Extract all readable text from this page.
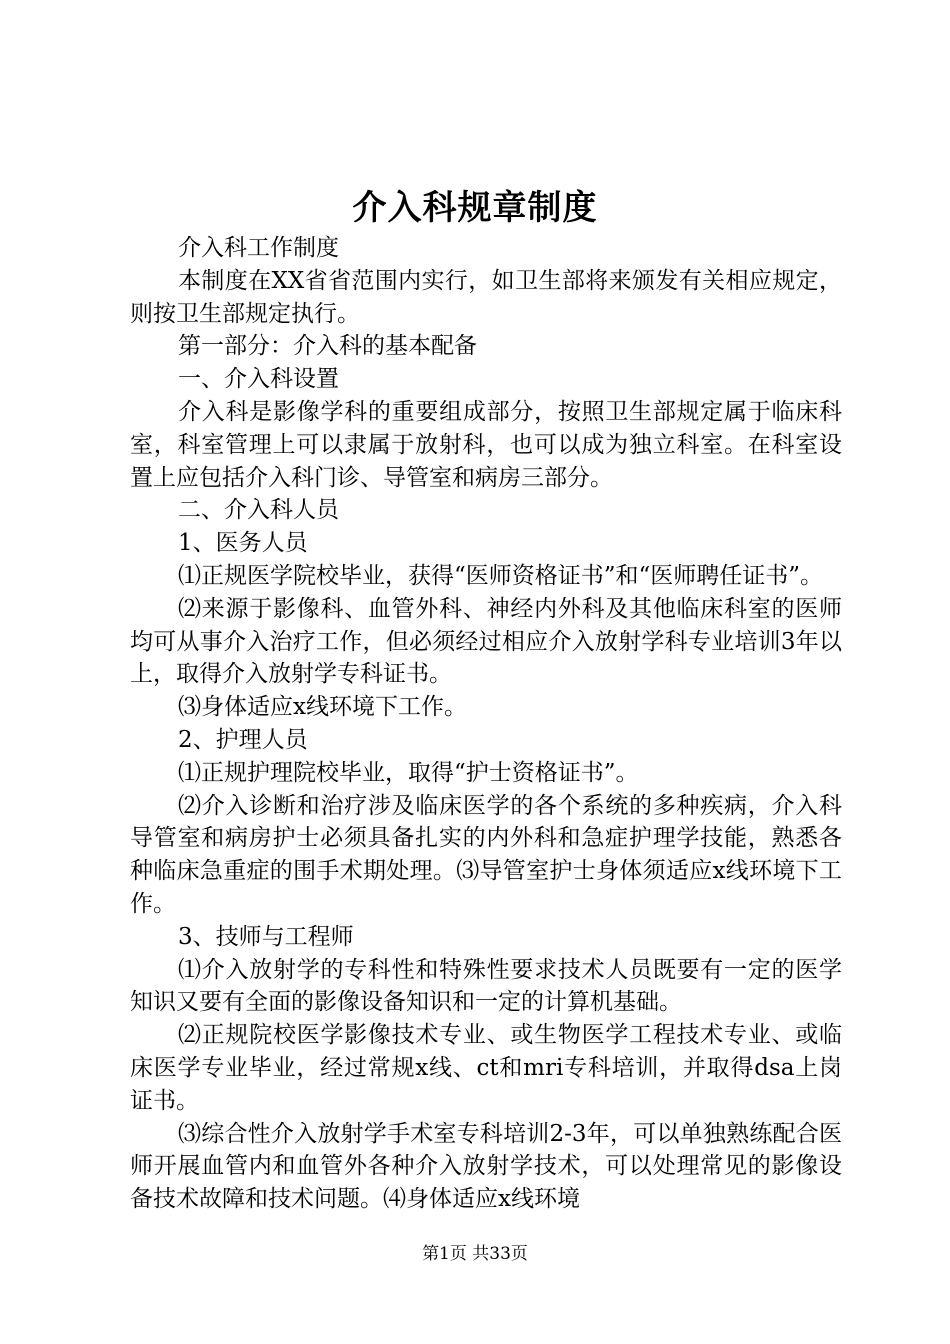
介入科规章制度

介入科工作制度

本制度在XX省省范围内实行，如卫生部将来颁发有关相应规定，则按卫生部规定执行。

第一部分：介入科的基本配备

一、介入科设置

介入科是影像学科的重要组成部分，按照卫生部规定属于临床科室，科室管理上可以隶属于放射科，也可以成为独立科室。在科室设置上应包括介入科门诊、导管室和病房三部分。

二、介入科人员

1、医务人员

⑴正规医学院校毕业，获得“医师资格证书”和“医师聘任证书”。

⑵来源于影像科、血管外科、神经内外科及其他临床科室的医师均可从事介入治疗工作，但必须经过相应介入放射学科专业培训3年以上，取得介入放射学专科证书。

⑶身体适应x线环境下工作。

2、护理人员

⑴正规护理院校毕业，取得“护士资格证书”。

⑵介入诊断和治疗涉及临床医学的各个系统的多种疾病，介入科导管室和病房护士必须具备扎实的内外科和急症护理学技能，熟悉各种临床急重症的围手术期处理。⑶导管室护士身体须适应x线环境下工作。

3、技师与工程师

⑴介入放射学的专科性和特殊性要求技术人员既要有一定的医学知识又要有全面的影像设备知识和一定的计算机基础。

⑵正规院校医学影像技术专业、或生物医学工程技术专业、或临床医学专业毕业，经过常规x线、ct和mri专科培训，并取得dsa上岗证书。

⑶综合性介入放射学手术室专科培训2-3年，可以单独熟练配合医师开展血管内和血管外各种介入放射学技术，可以处理常见的影像设备技术故障和技术问题。⑷身体适应x线环境

第1页 共33页
